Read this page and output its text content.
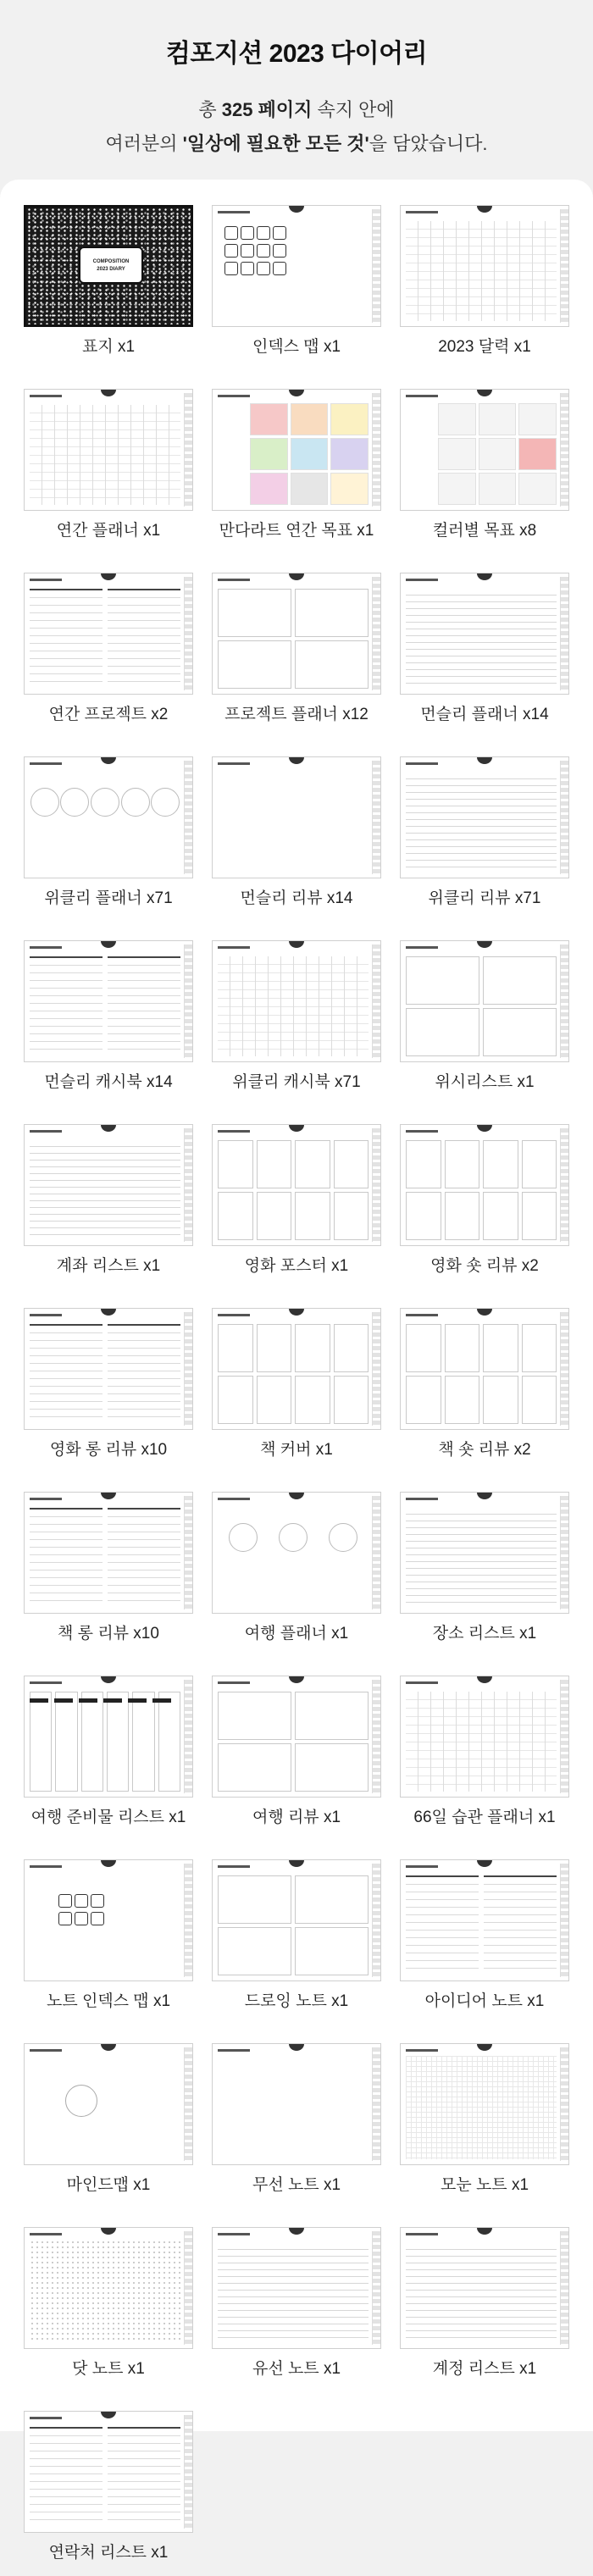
컴포지션 2023 다이어리

총 325 페이지 속지 안에

여러분의 '일상에 필요한 모든 것'을 담았습니다.

COMPOSITION
2023 DIARY
표지 x1	인덱스 맵 x1	2023 달력 x1
연간 플래너 x1	만다라트 연간 목표 x1	컬러별 목표 x8
연간 프로젝트 x2	프로젝트 플래너 x12	먼슬리 플래너 x14
위클리 플래너 x71	먼슬리 리뷰 x14	위클리 리뷰 x71
먼슬리 캐시북 x14	위클리 캐시북 x71	위시리스트 x1
계좌 리스트 x1	영화 포스터 x1	영화 숏 리뷰 x2
영화 롱 리뷰 x10	책 커버 x1	책 숏 리뷰 x2
책 롱 리뷰 x10	여행 플래너 x1	장소 리스트 x1
여행 준비물 리스트 x1	여행 리뷰 x1	66일 습관 플래너 x1
노트 인덱스 맵 x1	드로잉 노트 x1	아이디어 노트 x1
마인드맵 x1	무선 노트 x1	모눈 노트 x1
닷 노트 x1	유선 노트 x1	계정 리스트 x1
연락처 리스트 x1
